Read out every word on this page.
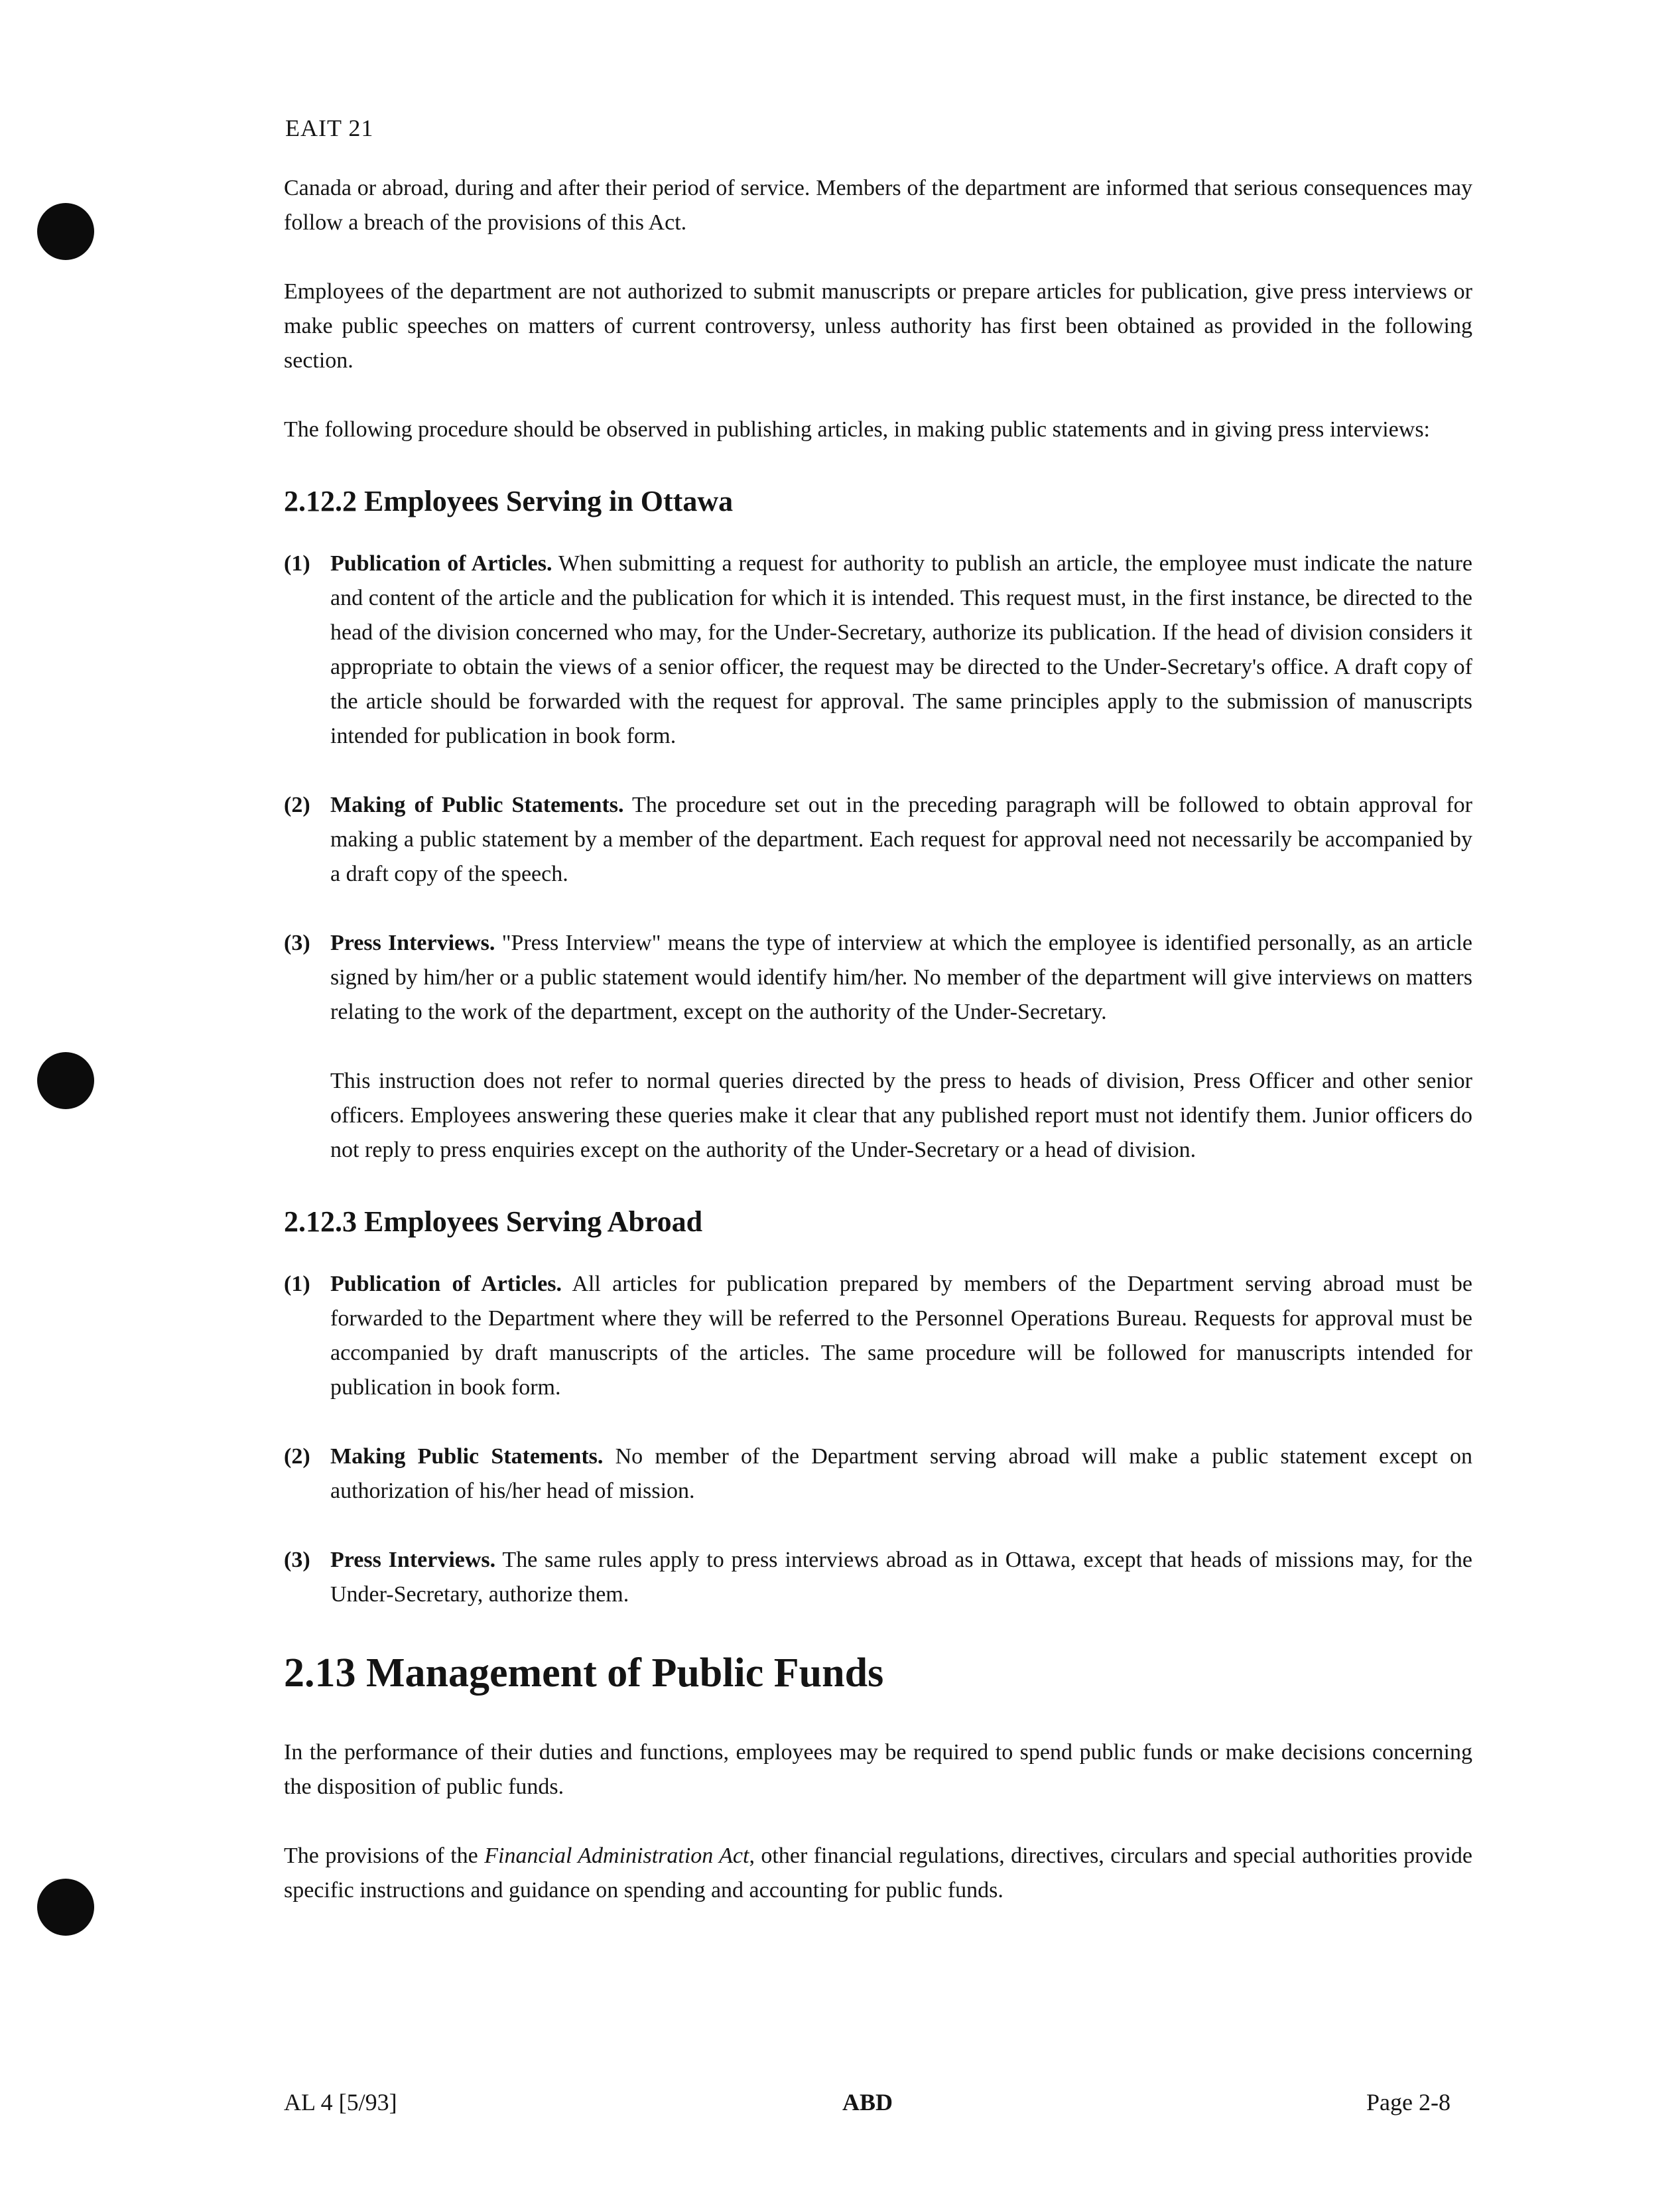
EAIT 21

Canada or abroad, during and after their period of service. Members of the department are informed that serious consequences may follow a breach of the provisions of this Act.

Employees of the department are not authorized to submit manuscripts or prepare articles for publication, give press interviews or make public speeches on matters of current controversy, unless authority has first been obtained as provided in the following section.

The following procedure should be observed in publishing articles, in making public statements and in giving press interviews:

2.12.2 Employees Serving in Ottawa
(1) Publication of Articles. When submitting a request for authority to publish an article, the employee must indicate the nature and content of the article and the publication for which it is intended. This request must, in the first instance, be directed to the head of the division concerned who may, for the Under-Secretary, authorize its publication. If the head of division considers it appropriate to obtain the views of a senior officer, the request may be directed to the Under-Secretary's office. A draft copy of the article should be forwarded with the request for approval. The same principles apply to the submission of manuscripts intended for publication in book form.
(2) Making of Public Statements. The procedure set out in the preceding paragraph will be followed to obtain approval for making a public statement by a member of the department. Each request for approval need not necessarily be accompanied by a draft copy of the speech.
(3) Press Interviews. "Press Interview" means the type of interview at which the employee is identified personally, as an article signed by him/her or a public statement would identify him/her. No member of the department will give interviews on matters relating to the work of the department, except on the authority of the Under-Secretary.

This instruction does not refer to normal queries directed by the press to heads of division, Press Officer and other senior officers. Employees answering these queries make it clear that any published report must not identify them. Junior officers do not reply to press enquiries except on the authority of the Under-Secretary or a head of division.

2.12.3 Employees Serving Abroad
(1) Publication of Articles. All articles for publication prepared by members of the Department serving abroad must be forwarded to the Department where they will be referred to the Personnel Operations Bureau. Requests for approval must be accompanied by draft manuscripts of the articles. The same procedure will be followed for manuscripts intended for publication in book form.
(2) Making Public Statements. No member of the Department serving abroad will make a public statement except on authorization of his/her head of mission.
(3) Press Interviews. The same rules apply to press interviews abroad as in Ottawa, except that heads of missions may, for the Under-Secretary, authorize them.
2.13 Management of Public Funds

In the performance of their duties and functions, employees may be required to spend public funds or make decisions concerning the disposition of public funds.

The provisions of the Financial Administration Act, other financial regulations, directives, circulars and special authorities provide specific instructions and guidance on spending and accounting for public funds.

AL 4 [5/93]	ABD	Page 2-8
